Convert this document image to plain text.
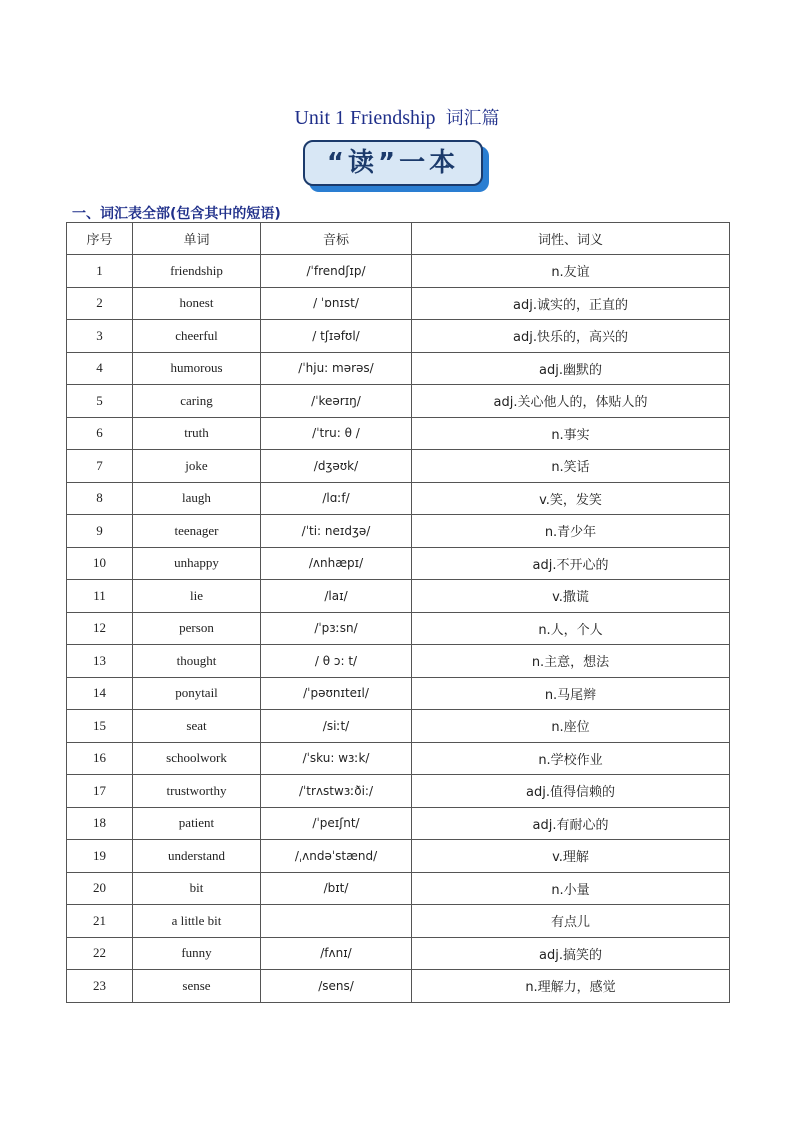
Unit 1 Friendship 词汇篇
“读”一本
一、词汇表全部(包含其中的短语)
序号	单词	音标	词性、词义
1	friendship	/ˈfrendʃɪp/	n.友谊
2	honest	/ ˈɒnɪst/	adj.诚实的，正直的
3	cheerful	/ tʃɪəfʊl/	adj.快乐的，高兴的
4	humorous	/ˈhju: mərəs/	adj.幽默的
5	caring	/ˈkeərɪŋ/	adj.关心他人的，体贴人的
6	truth	/ˈtru: θ /	n.事实
7	joke	/dʒəʊk/	n.笑话
8	laugh	/lɑːf/	v.笑，发笑
9	teenager	/ˈti: neɪdʒə/	n.青少年
10	unhappy	/ʌnhæpɪ/	adj.不开心的
11	lie	/laɪ/	v.撒谎
12	person	/ˈpɜːsn/	n.人，个人
13	thought	/ θ ɔ: t/	n.主意，想法
14	ponytail	/ˈpəʊnɪteɪl/	n.马尾辫
15	seat	/siːt/	n.座位
16	schoolwork	/ˈsku: wɜːk/	n.学校作业
17	trustworthy	/ˈtrʌstwɜːði:/	adj.值得信赖的
18	patient	/ˈpeɪʃnt/	adj.有耐心的
19	understand	/ˌʌndəˈstænd/	v.理解
20	bit	/bɪt/	n.小量
21	a little bit		有点儿
22	funny	/fʌnɪ/	adj.搞笑的
23	sense	/sens/	n.理解力，感觉
